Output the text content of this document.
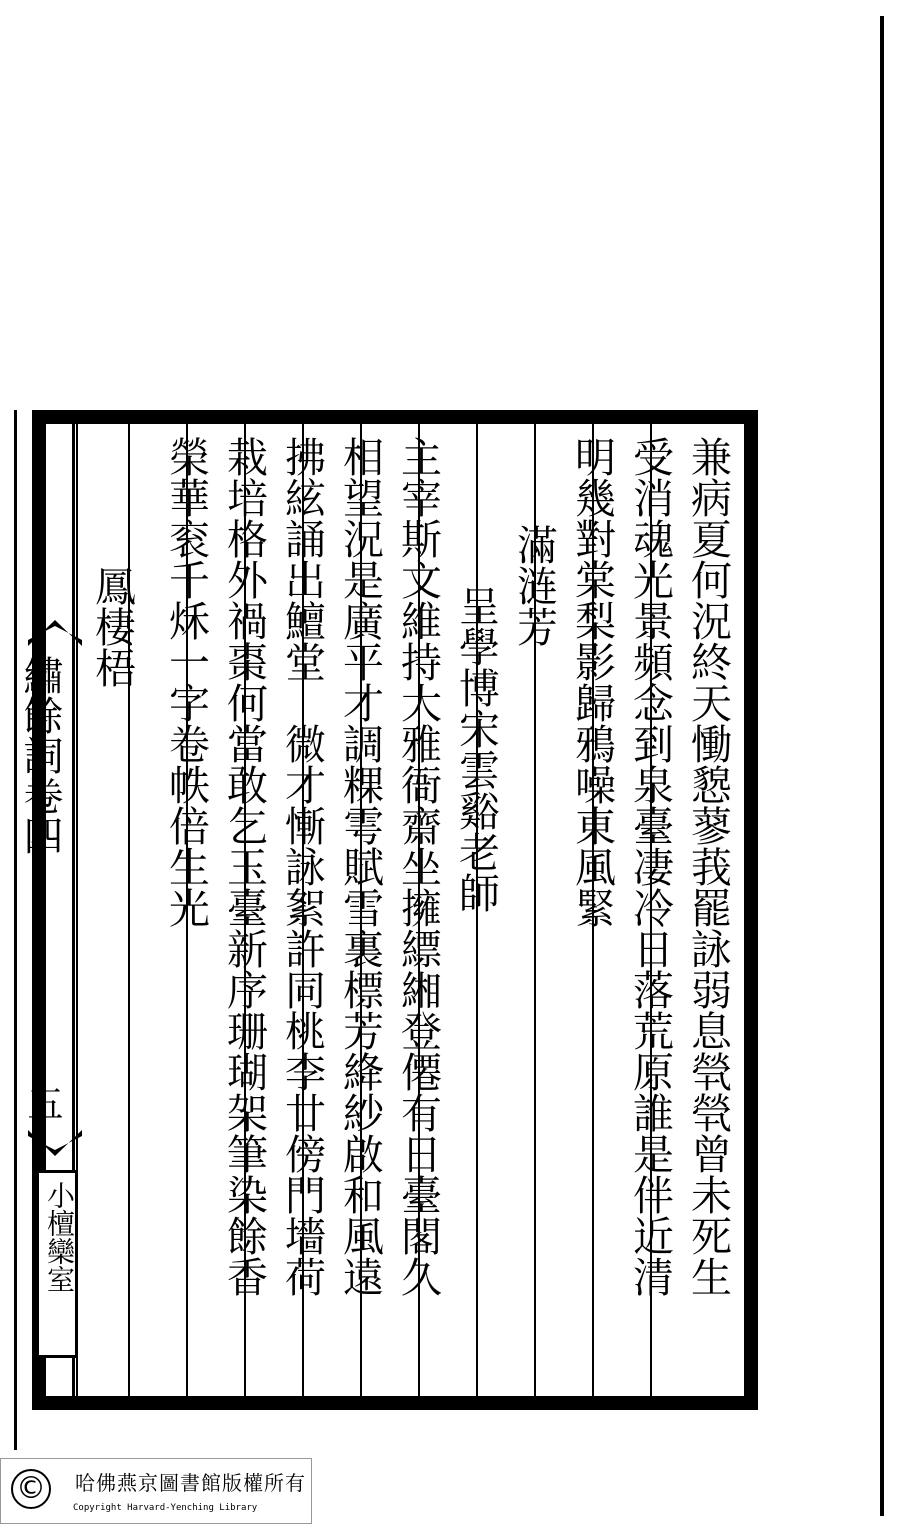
兼病夏何況終天慟㦝蓼莪罷詠弱息煢煢曾未死生
受消魂光景頻念到泉臺凄冷日落荒原誰是伴近清
明幾對棠梨影歸鴉噪東風緊
滿涟芳
　呈學博宋雲谿老師
主宰斯文維持大雅衙齋坐擁縹緗登僊有日臺閣久
相望況是廣平才調粿雩賦雪裏標芳絳紗啟和風遠
拂絃誦出鱣堂　微才慚詠絮許同桃李廿傍門墻荷
栽培格外禍棗何當敢乞玉臺新序珊瑚架筆染餘香
榮華衮千秌一字卷帙倍生光
　鳳棲梧
繡餘詞卷四
五
小檀欒室
© 哈佛燕京圖書館版權所有
Copyright Harvard-Yenching Library
